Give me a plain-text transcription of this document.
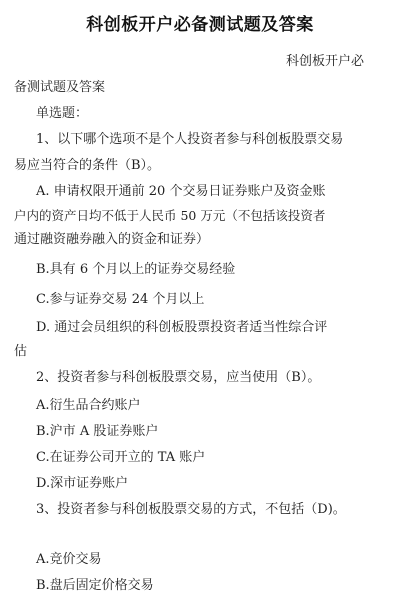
科创板开户必备测试题及答案
科创板开户必
备测试题及答案
单选题：
1、以下哪个选项不是个人投资者参与科创板股票交易
易应当符合的条件（B）。
A. 申请权限开通前 20 个交易日证券账户及资金账
户内的资产日均不低于人民币 50 万元（不包括该投资者
通过融资融券融入的资金和证券）
B.具有 6 个月以上的证券交易经验
C.参与证券交易 24 个月以上
D. 通过会员组织的科创板股票投资者适当性综合评
估
2、投资者参与科创板股票交易，应当使用（B）。
A.衍生品合约账户
B.沪市 A 股证券账户
C.在证券公司开立的 TA 账户
D.深市证券账户
3、投资者参与科创板股票交易的方式，不包括（D)。
A.竞价交易
B.盘后固定价格交易
